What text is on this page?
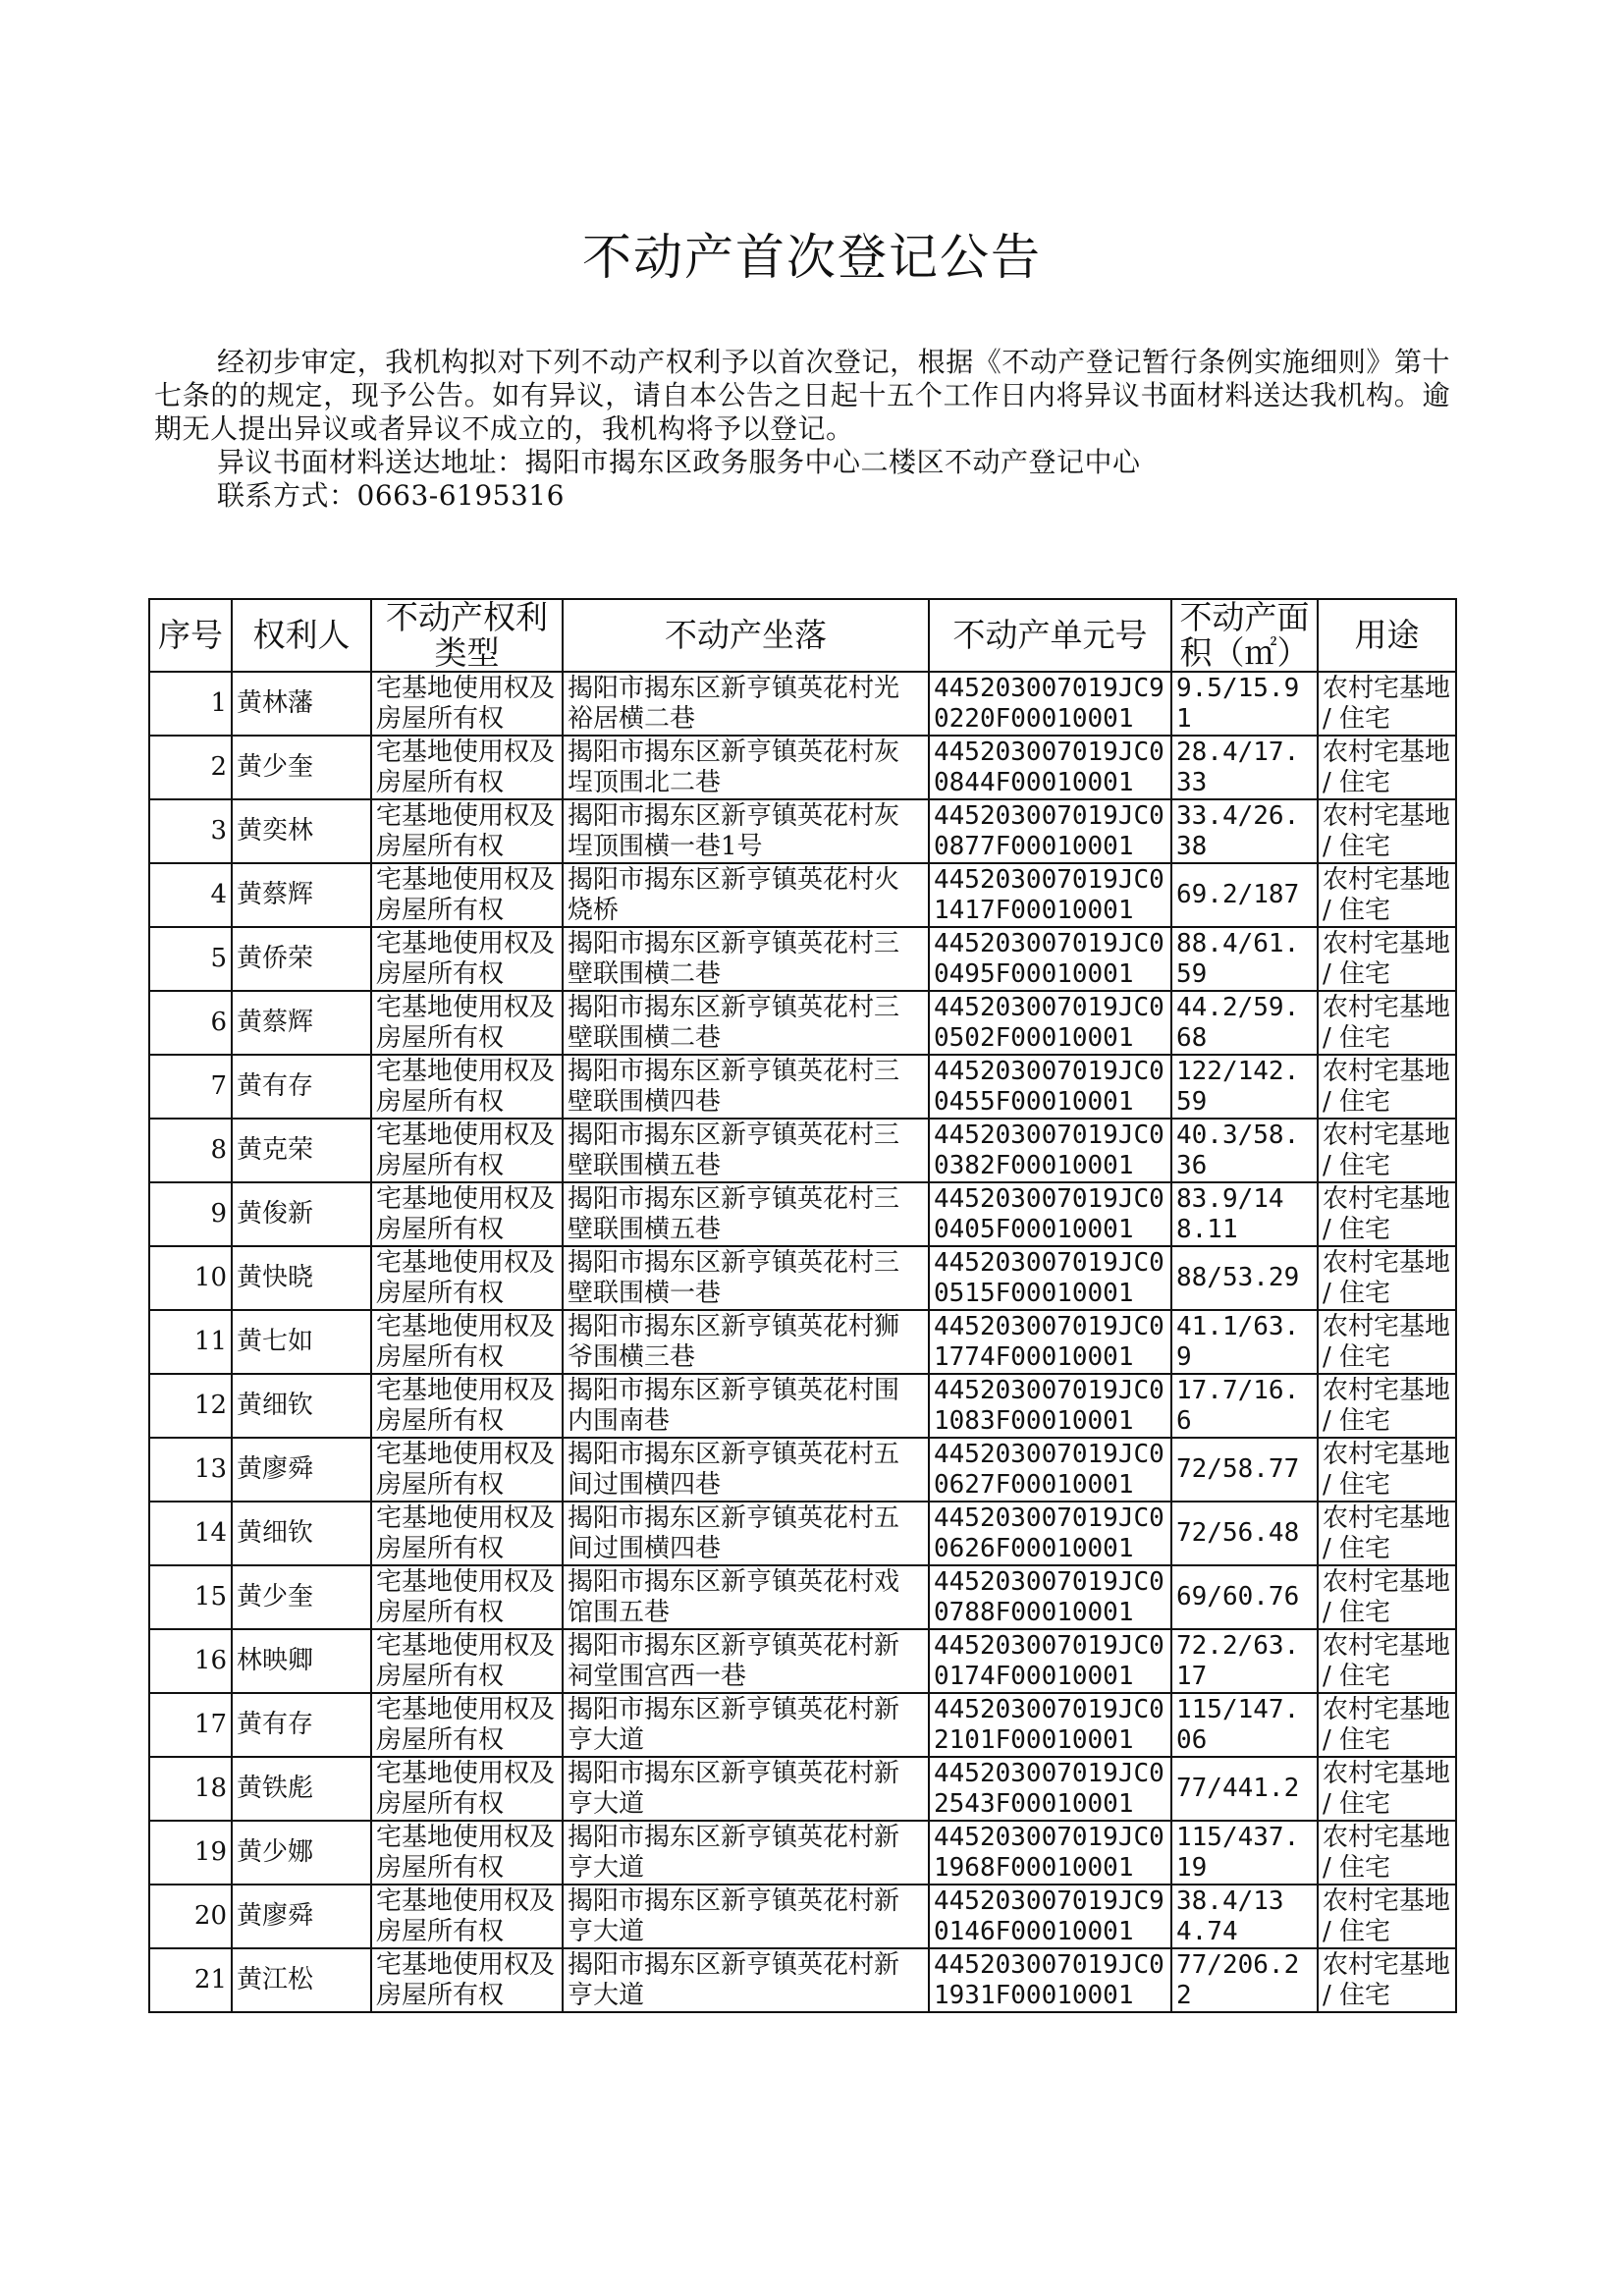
不动产首次登记公告

经初步审定，我机构拟对下列不动产权利予以首次登记，根据《不动产登记暂行条例实施细则》第十七条的的规定，现予公告。如有异议，请自本公告之日起十五个工作日内将异议书面材料送达我机构。逾期无人提出异议或者异议不成立的，我机构将予以登记。

异议书面材料送达地址：揭阳市揭东区政务服务中心二楼区不动产登记中心

联系方式：0663-6195316

序号	权利人	不动产权利类型	不动产坐落	不动产单元号	不动产面积（㎡）	用途
1	黄林藩	宅基地使用权及房屋所有权	揭阳市揭东区新亨镇英花村光裕居横二巷	445203007019JC90220F00010001	9.5/15.91	农村宅基地 / 住宅
2	黄少奎	宅基地使用权及房屋所有权	揭阳市揭东区新亨镇英花村灰埕顶围北二巷	445203007019JC00844F00010001	28.4/17.33	农村宅基地 / 住宅
3	黄奕林	宅基地使用权及房屋所有权	揭阳市揭东区新亨镇英花村灰埕顶围横一巷1号	445203007019JC00877F00010001	33.4/26.38	农村宅基地 / 住宅
4	黄蔡辉	宅基地使用权及房屋所有权	揭阳市揭东区新亨镇英花村火烧桥	445203007019JC01417F00010001	69.2/187	农村宅基地 / 住宅
5	黄侨荣	宅基地使用权及房屋所有权	揭阳市揭东区新亨镇英花村三壁联围横二巷	445203007019JC00495F00010001	88.4/61.59	农村宅基地 / 住宅
6	黄蔡辉	宅基地使用权及房屋所有权	揭阳市揭东区新亨镇英花村三壁联围横二巷	445203007019JC00502F00010001	44.2/59.68	农村宅基地 / 住宅
7	黄有存	宅基地使用权及房屋所有权	揭阳市揭东区新亨镇英花村三壁联围横四巷	445203007019JC00455F00010001	122/142.59	农村宅基地 / 住宅
8	黄克荣	宅基地使用权及房屋所有权	揭阳市揭东区新亨镇英花村三壁联围横五巷	445203007019JC00382F00010001	40.3/58.36	农村宅基地 / 住宅
9	黄俊新	宅基地使用权及房屋所有权	揭阳市揭东区新亨镇英花村三壁联围横五巷	445203007019JC00405F00010001	83.9/148.11	农村宅基地 / 住宅
10	黄快晓	宅基地使用权及房屋所有权	揭阳市揭东区新亨镇英花村三壁联围横一巷	445203007019JC00515F00010001	88/53.29	农村宅基地 / 住宅
11	黄七如	宅基地使用权及房屋所有权	揭阳市揭东区新亨镇英花村狮爷围横三巷	445203007019JC01774F00010001	41.1/63.9	农村宅基地 / 住宅
12	黄细钦	宅基地使用权及房屋所有权	揭阳市揭东区新亨镇英花村围内围南巷	445203007019JC01083F00010001	17.7/16.6	农村宅基地 / 住宅
13	黄廖舜	宅基地使用权及房屋所有权	揭阳市揭东区新亨镇英花村五间过围横四巷	445203007019JC00627F00010001	72/58.77	农村宅基地 / 住宅
14	黄细钦	宅基地使用权及房屋所有权	揭阳市揭东区新亨镇英花村五间过围横四巷	445203007019JC00626F00010001	72/56.48	农村宅基地 / 住宅
15	黄少奎	宅基地使用权及房屋所有权	揭阳市揭东区新亨镇英花村戏馆围五巷	445203007019JC00788F00010001	69/60.76	农村宅基地 / 住宅
16	林映卿	宅基地使用权及房屋所有权	揭阳市揭东区新亨镇英花村新祠堂围宫西一巷	445203007019JC00174F00010001	72.2/63.17	农村宅基地 / 住宅
17	黄有存	宅基地使用权及房屋所有权	揭阳市揭东区新亨镇英花村新亨大道	445203007019JC02101F00010001	115/147.06	农村宅基地 / 住宅
18	黄铁彪	宅基地使用权及房屋所有权	揭阳市揭东区新亨镇英花村新亨大道	445203007019JC02543F00010001	77/441.2	农村宅基地 / 住宅
19	黄少娜	宅基地使用权及房屋所有权	揭阳市揭东区新亨镇英花村新亨大道	445203007019JC01968F00010001	115/437.19	农村宅基地 / 住宅
20	黄廖舜	宅基地使用权及房屋所有权	揭阳市揭东区新亨镇英花村新亨大道	445203007019JC90146F00010001	38.4/134.74	农村宅基地 / 住宅
21	黄江松	宅基地使用权及房屋所有权	揭阳市揭东区新亨镇英花村新亨大道	445203007019JC01931F00010001	77/206.22	农村宅基地 / 住宅
